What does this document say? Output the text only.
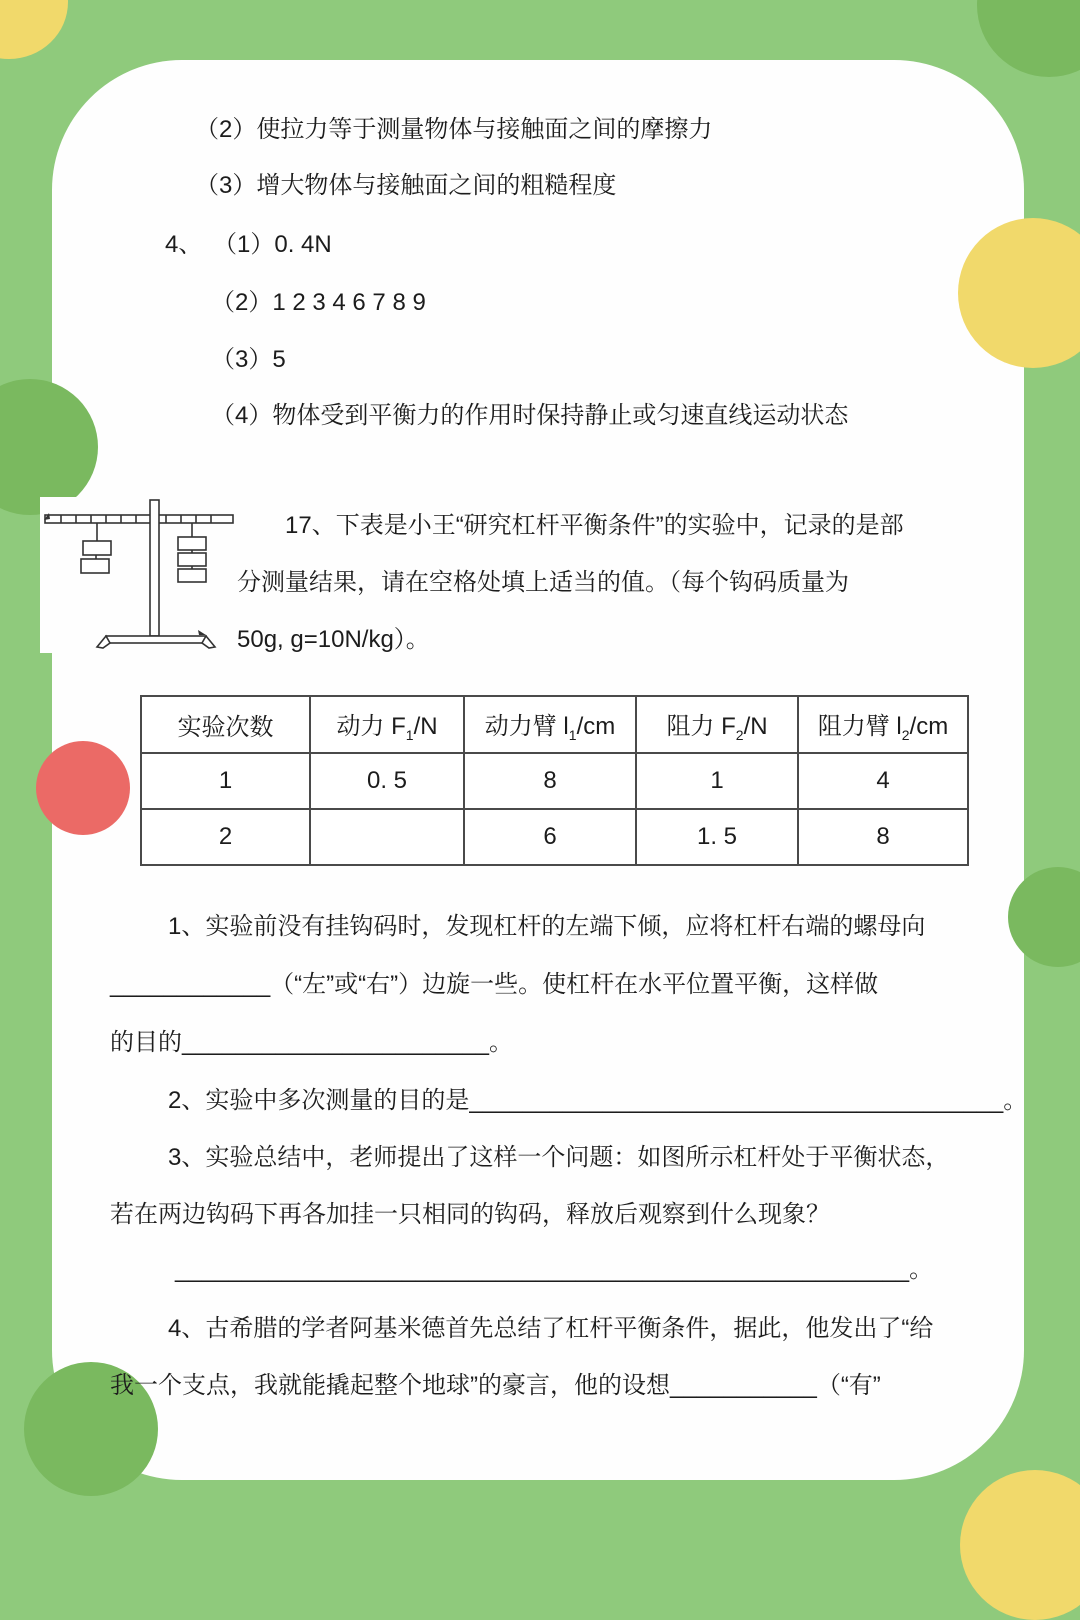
（2）使拉力等于测量物体与接触面之间的摩擦力
（3）增大物体与接触面之间的粗糙程度
4、 （1）0. 4N
（2）1 2 3 4 6 7 8 9
（3）5
（4）物体受到平衡力的作用时保持静止或匀速直线运动状态
17、下表是小王“研究杠杆平衡条件”的实验中，记录的是部
分测量结果，请在空格处填上适当的值。（每个钩码质量为
50g, g=10N/kg）。
实验次数	动力 $F_1/N$	动力臂 $l_1/cm$	阻力 $F_2/N$	阻力臂 $l_2/cm$
1	0. 5	8	1	4
2		6	1. 5	8
1、实验前没有挂钩码时，发现杠杆的左端下倾，应将杠杆右端的螺母向
____________（“左”或“右”）边旋一些。使杠杆在水平位置平衡，这样做
的目的_______________________。
2、实验中多次测量的目的是________________________________________。
3、实验总结中，老师提出了这样一个问题：如图所示杠杆处于平衡状态，
若在两边钩码下再各加挂一只相同的钩码，释放后观察到什么现象？
_______________________________________________________。
4、古希腊的学者阿基米德首先总结了杠杆平衡条件，据此，他发出了“给
我一个支点，我就能撬起整个地球”的豪言，他的设想___________（“有”
